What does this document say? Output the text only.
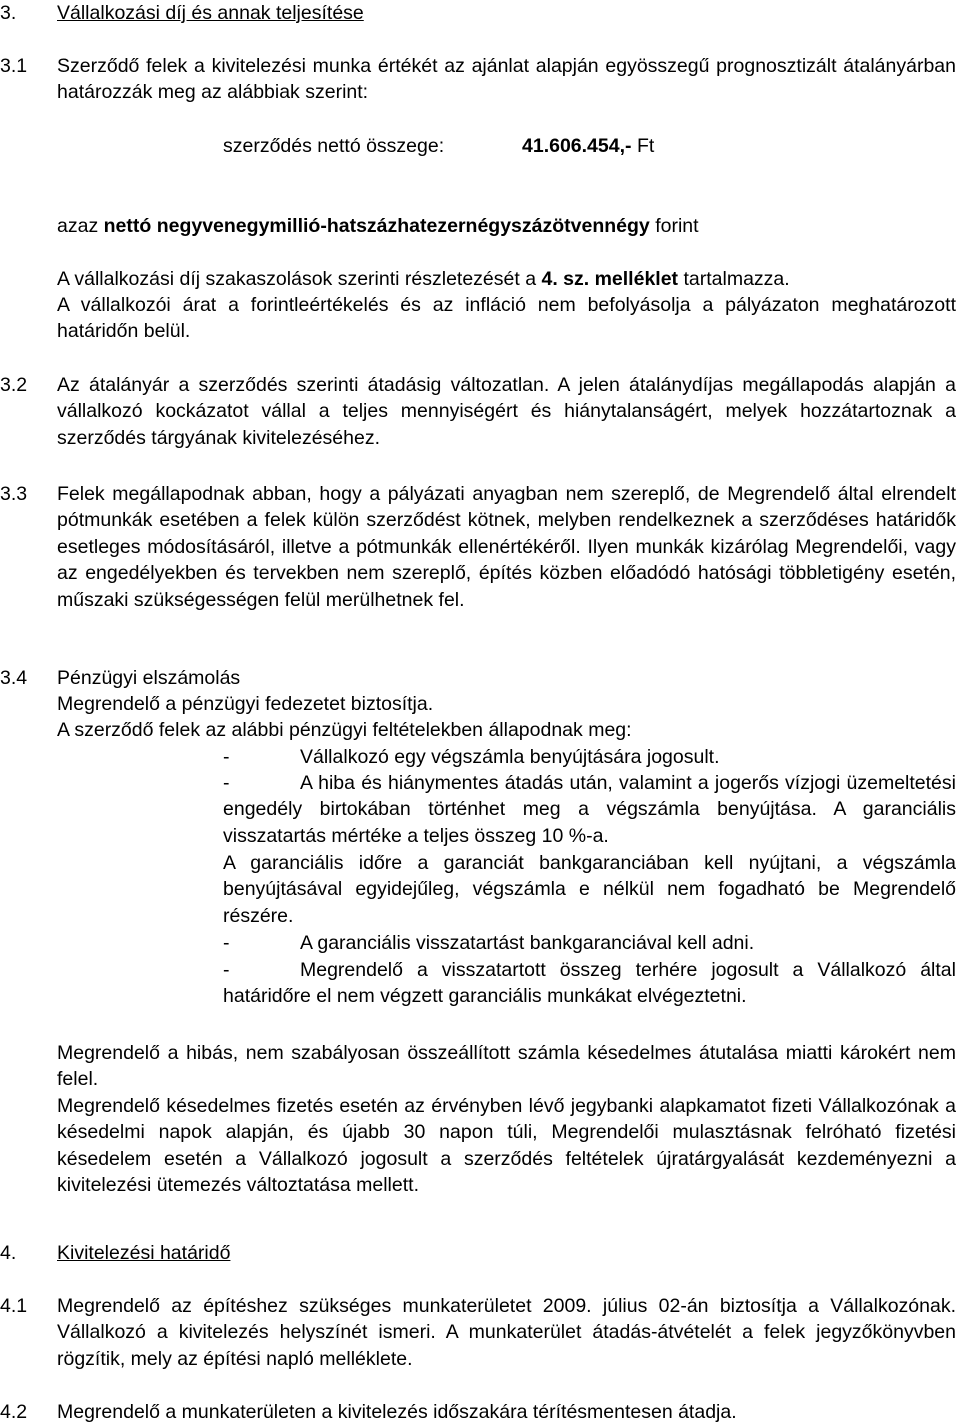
3. Vállalkozási díj és annak teljesítése
3.1 Szerződő felek a kivitelezési munka értékét az ajánlat alapján egyösszegű prognosztizált átalányárban határozzák meg az alábbiak szerint:
szerződés nettó összege:	41.606.454,- Ft
azaz nettó negyvenegymillió-hatszázhatezernégyszázötvennégy forint
A vállalkozási díj szakaszolások szerinti részletezését a 4. sz. melléklet tartalmazza.
A vállalkozói árat a forintleértékelés és az infláció nem befolyásolja a pályázaton meghatározott határidőn belül.
3.2 Az átalányár a szerződés szerinti átadásig változatlan. A jelen átalánydíjas megállapodás alapján a vállalkozó kockázatot vállal a teljes mennyiségért és hiánytalanságért, melyek hozzátartoznak a szerződés tárgyának kivitelezéséhez.
3.3 Felek megállapodnak abban, hogy a pályázati anyagban nem szereplő, de Megrendelő által elrendelt pótmunkák esetében a felek külön szerződést kötnek, melyben rendelkeznek a szerződéses határidők esetleges módosításáról, illetve a pótmunkák ellenértékéről. Ilyen munkák kizárólag Megrendelői, vagy az engedélyekben és tervekben nem szereplő, építés közben előadódó hatósági többletigény esetén, műszaki szükségességen felül merülhetnek fel.
3.4 Pénzügyi elszámolás
Megrendelő a pénzügyi fedezetet biztosítja.
A szerződő felek az alábbi pénzügyi feltételekben állapodnak meg:
-	Vállalkozó egy végszámla benyújtására jogosult.
-	A hiba és hiánymentes átadás után, valamint a jogerős vízjogi üzemeltetési engedély birtokában történhet meg a végszámla benyújtása. A garanciális visszatartás mértéke a teljes összeg 10 %-a.
A garanciális időre a garanciát bankgaranciában kell nyújtani, a végszámla benyújtásával egyidejűleg, végszámla e nélkül nem fogadható be Megrendelő részére.
-	A garanciális visszatartást bankgaranciával kell adni.
-	Megrendelő a visszatartott összeg terhére jogosult a Vállalkozó által határidőre el nem végzett garanciális munkákat elvégeztetni.
Megrendelő a hibás, nem szabályosan összeállított számla késedelmes átutalása miatti károkért nem felel.
Megrendelő késedelmes fizetés esetén az érvényben lévő jegybanki alapkamatot fizeti Vállalkozónak a késedelmi napok alapján, és újabb 30 napon túli, Megrendelői mulasztásnak felróható fizetési késedelem esetén a Vállalkozó jogosult a szerződés feltételek újratárgyalását kezdeményezni a kivitelezési ütemezés változtatása mellett.
4. Kivitelezési határidő
4.1 Megrendelő az építéshez szükséges munkaterületet 2009. július 02-án biztosítja a Vállalkozónak. Vállalkozó a kivitelezés helyszínét ismeri. A munkaterület átadás-átvételét a felek jegyzőkönyvben rögzítik, mely az építési napló melléklete.
4.2 Megrendelő a munkaterületen a kivitelezés időszakára térítésmentesen átadja.
